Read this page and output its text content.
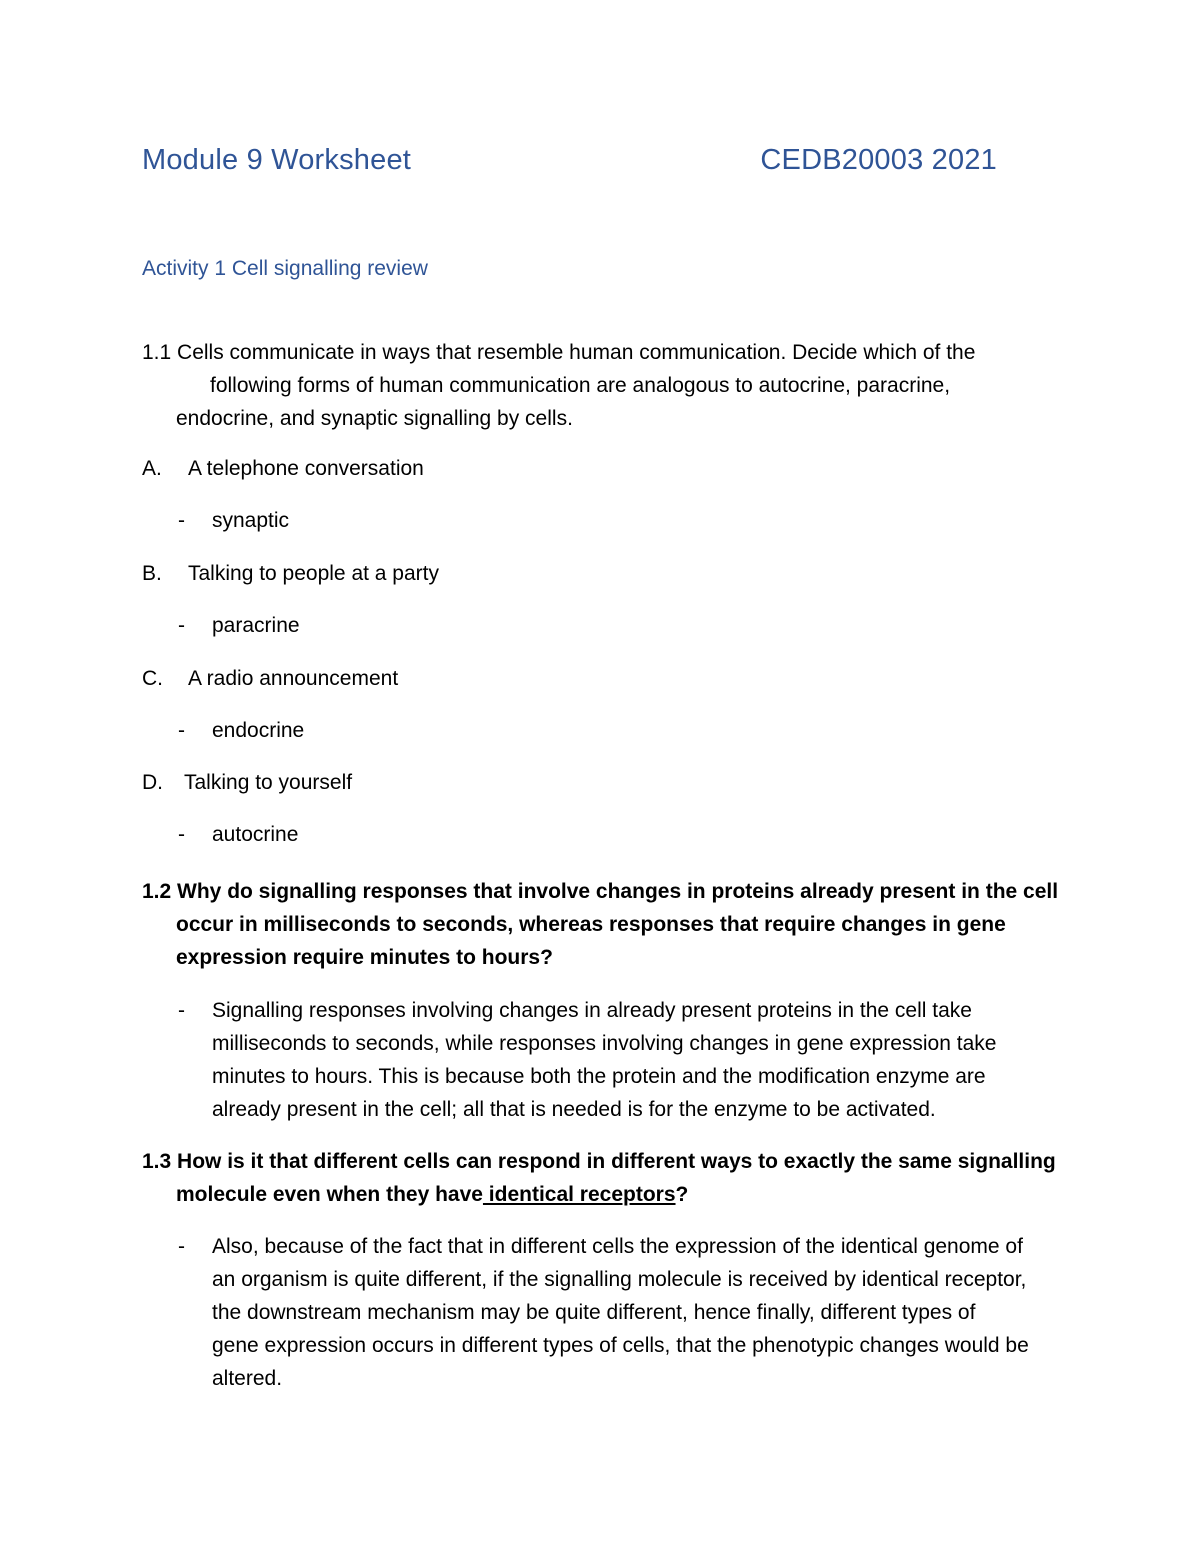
Module 9 Worksheet	CEDB20003 2021
Activity 1 Cell signalling review
1.1 Cells communicate in ways that resemble human communication. Decide which of the
following forms of human communication are analogous to autocrine, paracrine,
endocrine, and synaptic signalling by cells.
A. A telephone conversation
- synaptic
B. Talking to people at a party
- paracrine
C. A radio announcement
- endocrine
D. Talking to yourself
- autocrine
1.2 Why do signalling responses that involve changes in proteins already present in the cell
occur in milliseconds to seconds, whereas responses that require changes in gene
expression require minutes to hours?
-	Signalling responses involving changes in already present proteins in the cell take
milliseconds to seconds, while responses involving changes in gene expression take
minutes to hours. This is because both the protein and the modification enzyme are
already present in the cell; all that is needed is for the enzyme to be activated.
1.3 How is it that different cells can respond in different ways to exactly the same signalling
molecule even when they have identical receptors?
-	Also, because of the fact that in different cells the expression of the identical genome of
an organism is quite different, if the signalling molecule is received by identical receptor,
the downstream mechanism may be quite different, hence finally, different types of
gene expression occurs in different types of cells, that the phenotypic changes would be
altered.
